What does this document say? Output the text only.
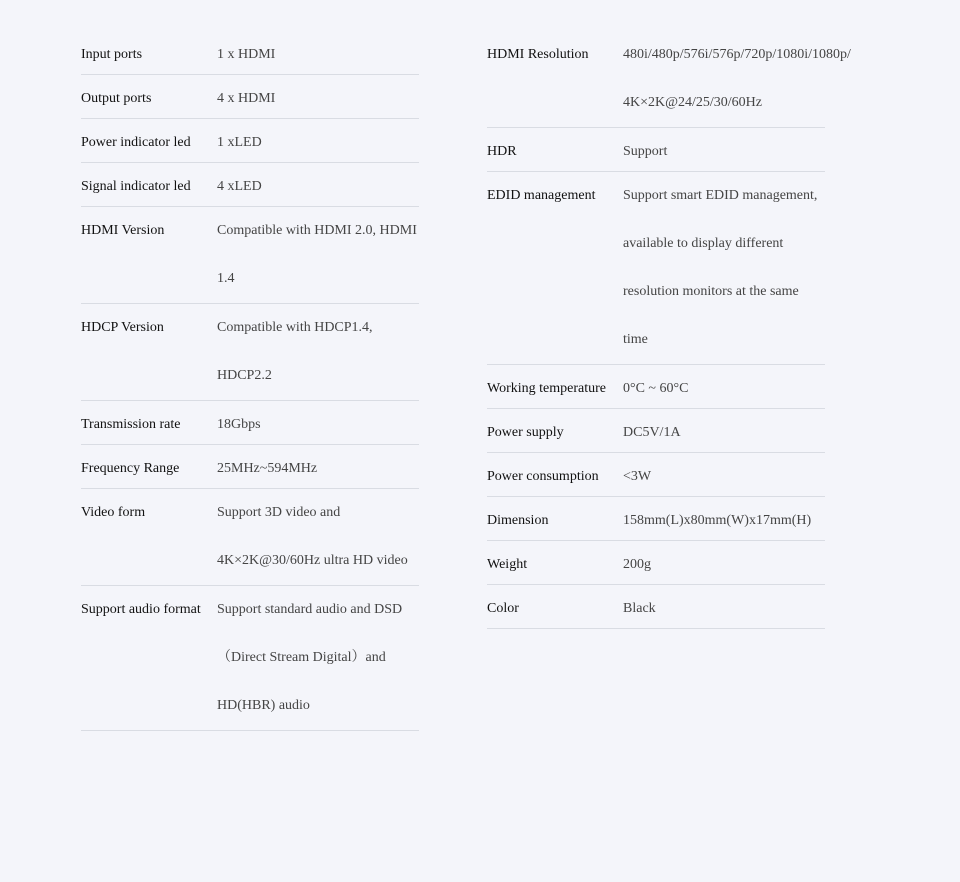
Input ports	1 x HDMI
Output ports	4 x HDMI
Power indicator led	1 xLED
Signal indicator led	4 xLED
HDMI Version	Compatible with HDMI 2.0, HDMI
1.4
HDCP Version	Compatible with HDCP1.4,
HDCP2.2
Transmission rate	18Gbps
Frequency Range	25MHz~594MHz
Video form	Support 3D video and
4K×2K@30/60Hz ultra HD video
Support audio format	Support standard audio and DSD
（Direct Stream Digital）and
HD(HBR) audio
HDMI Resolution	480i/480p/576i/576p/720p/1080i/1080p/
4K×2K@24/25/30/60Hz
HDR	Support
EDID management	Support smart EDID management,
available to display different
resolution monitors at the same
time
Working temperature	0°C ~ 60°C
Power supply	DC5V/1A
Power consumption	<3W
Dimension	158mm(L)x80mm(W)x17mm(H)
Weight	200g
Color	Black
